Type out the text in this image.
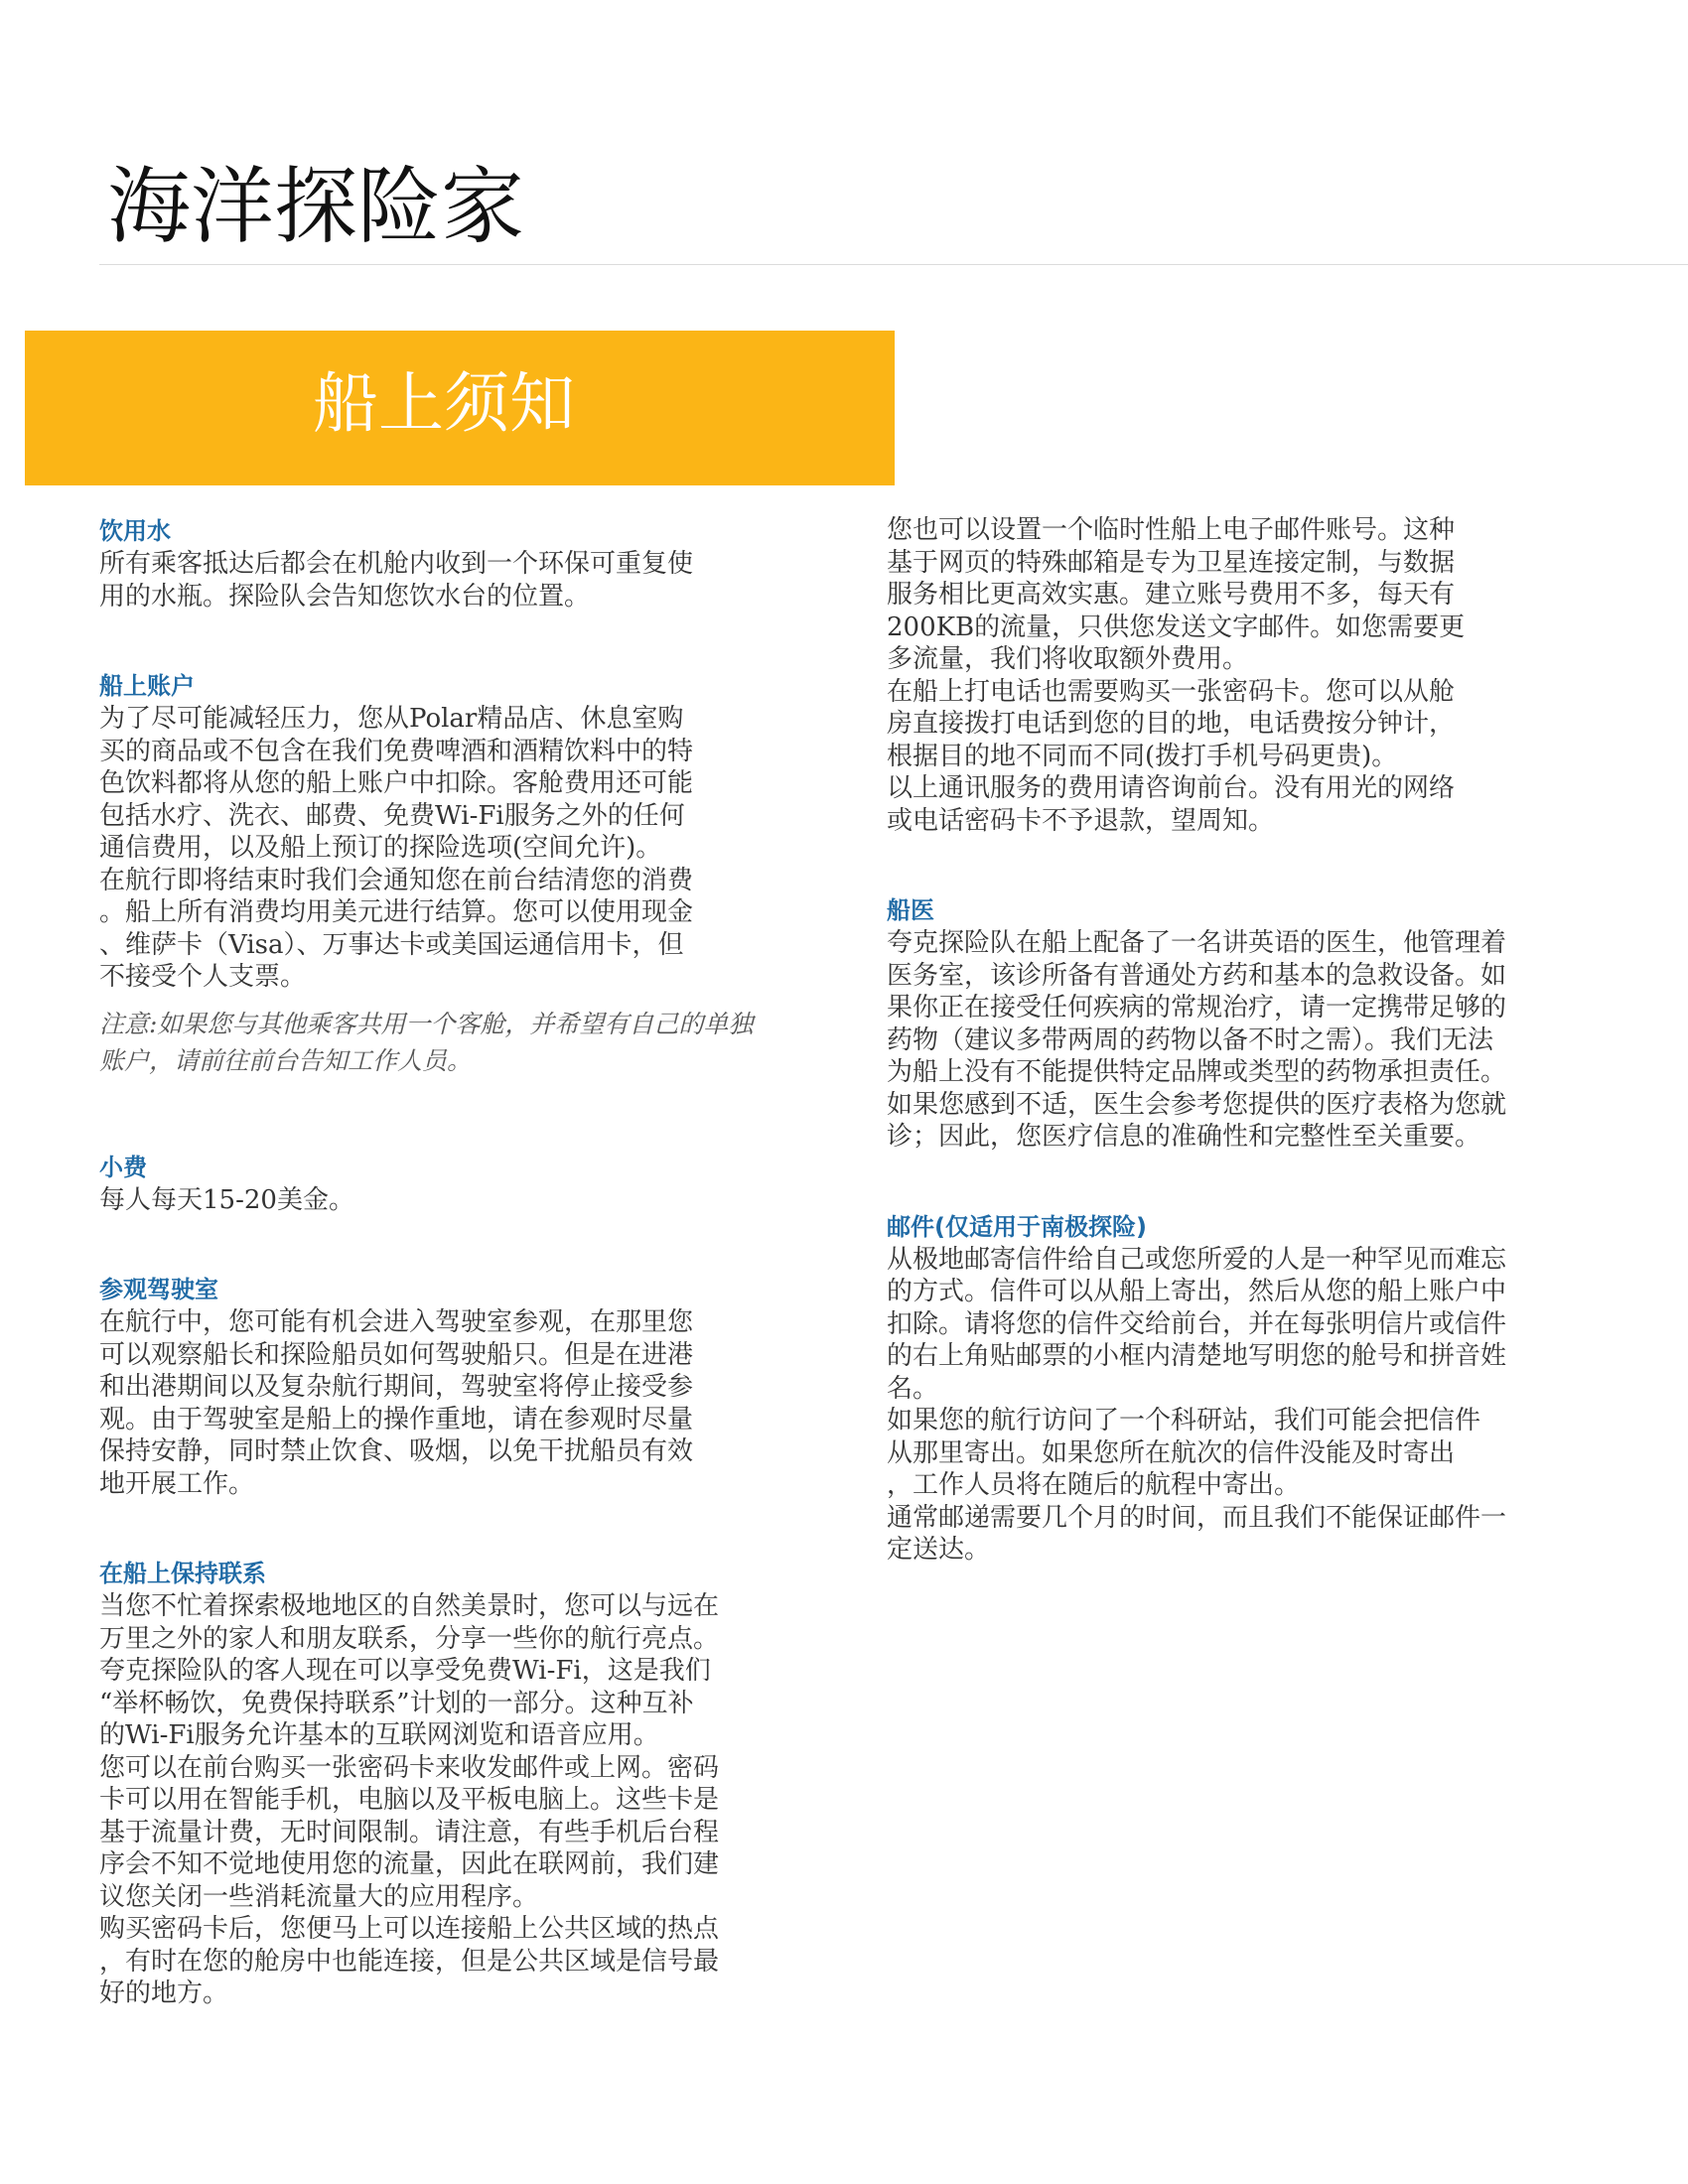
海洋探险家
船上须知
饮用水

所有乘客抵达后都会在机舱内收到一个环保可重复使

用的水瓶。探险队会告知您饮水台的位置。

船上账户

为了尽可能减轻压力，您从Polar精品店、休息室购

买的商品或不包含在我们免费啤酒和酒精饮料中的特

色饮料都将从您的船上账户中扣除。客舱费用还可能

包括水疗、洗衣、邮费、免费Wi-Fi服务之外的任何

通信费用，以及船上预订的探险选项(空间允许)。

在航行即将结束时我们会通知您在前台结清您的消费

。船上所有消费均用美元进行结算。您可以使用现金

、维萨卡（Visa）、万事达卡或美国运通信用卡，但

不接受个人支票。

注意:如果您与其他乘客共用一个客舱，并希望有自己的单独
账户，请前往前台告知工作人员。
小费

每人每天15-20美金。

参观驾驶室

在航行中，您可能有机会进入驾驶室参观，在那里您

可以观察船长和探险船员如何驾驶船只。但是在进港

和出港期间以及复杂航行期间，驾驶室将停止接受参

观。由于驾驶室是船上的操作重地，请在参观时尽量

保持安静，同时禁止饮食、吸烟，以免干扰船员有效

地开展工作。

在船上保持联系

当您不忙着探索极地地区的自然美景时，您可以与远在

万里之外的家人和朋友联系，分享一些你的航行亮点。

夸克探险队的客人现在可以享受免费Wi-Fi，这是我们

“举杯畅饮，免费保持联系”计划的一部分。这种互补

的Wi-Fi服务允许基本的互联网浏览和语音应用。

您可以在前台购买一张密码卡来收发邮件或上网。密码

卡可以用在智能手机，电脑以及平板电脑上。这些卡是

基于流量计费，无时间限制。请注意，有些手机后台程

序会不知不觉地使用您的流量，因此在联网前，我们建

议您关闭一些消耗流量大的应用程序。

购买密码卡后，您便马上可以连接船上公共区域的热点

，有时在您的舱房中也能连接，但是公共区域是信号最

好的地方。

您也可以设置一个临时性船上电子邮件账号。这种

基于网页的特殊邮箱是专为卫星连接定制，与数据

服务相比更高效实惠。建立账号费用不多，每天有

200KB的流量，只供您发送文字邮件。如您需要更

多流量，我们将收取额外费用。

在船上打电话也需要购买一张密码卡。您可以从舱

房直接拨打电话到您的目的地，电话费按分钟计，

根据目的地不同而不同(拨打手机号码更贵)。

以上通讯服务的费用请咨询前台。没有用光的网络

或电话密码卡不予退款，望周知。

船医

夸克探险队在船上配备了一名讲英语的医生，他管理着

医务室，该诊所备有普通处方药和基本的急救设备。如

果你正在接受任何疾病的常规治疗，请一定携带足够的

药物（建议多带两周的药物以备不时之需）。我们无法

为船上没有不能提供特定品牌或类型的药物承担责任。

如果您感到不适，医生会参考您提供的医疗表格为您就

诊；因此，您医疗信息的准确性和完整性至关重要。

邮件(仅适用于南极探险)

从极地邮寄信件给自己或您所爱的人是一种罕见而难忘

的方式。信件可以从船上寄出，然后从您的船上账户中

扣除。请将您的信件交给前台，并在每张明信片或信件

的右上角贴邮票的小框内清楚地写明您的舱号和拼音姓

名。

如果您的航行访问了一个科研站，我们可能会把信件

从那里寄出。如果您所在航次的信件没能及时寄出

，工作人员将在随后的航程中寄出。

通常邮递需要几个月的时间，而且我们不能保证邮件一

定送达。
